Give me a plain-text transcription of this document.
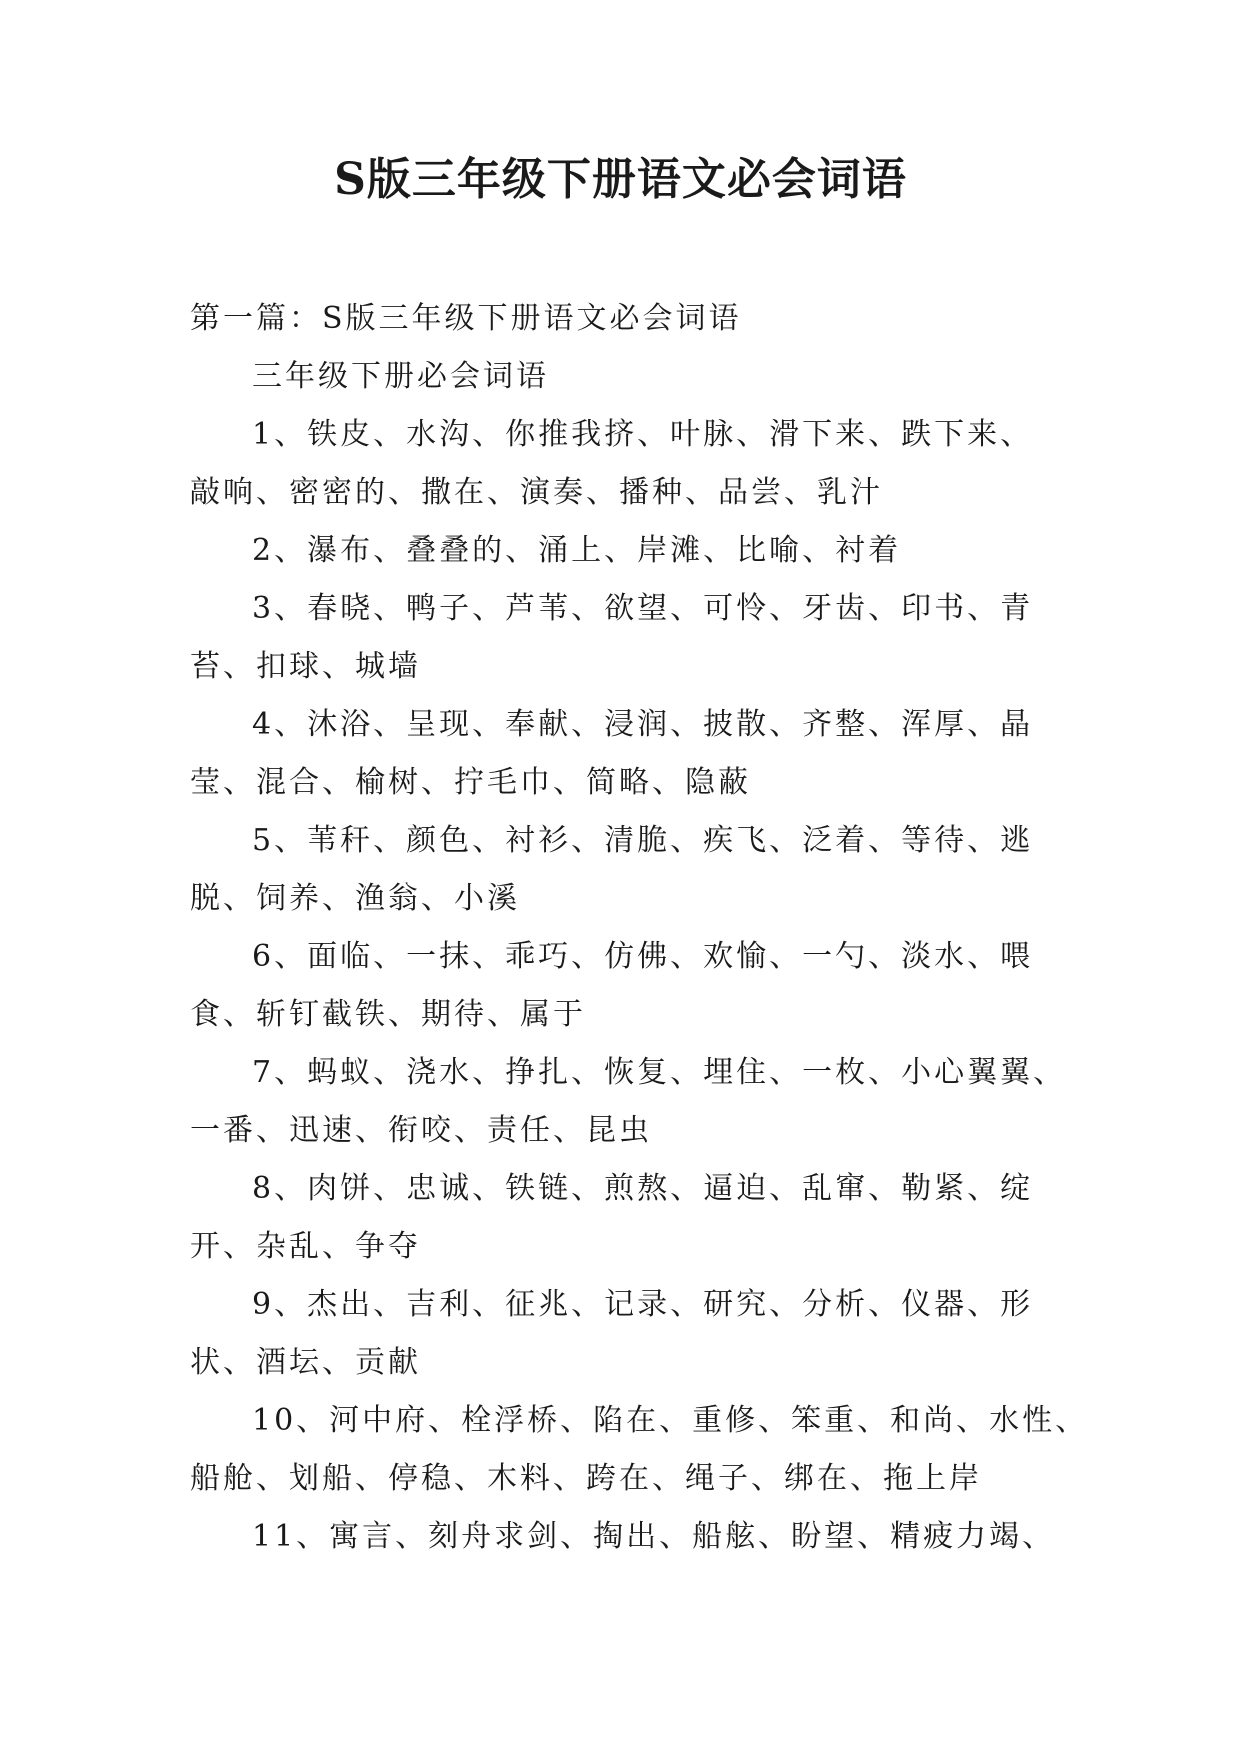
S版三年级下册语文必会词语
第一篇：S版三年级下册语文必会词语
三年级下册必会词语
1、铁皮、水沟、你推我挤、叶脉、滑下来、跌下来、
敲响、密密的、撒在、演奏、播种、品尝、乳汁
2、瀑布、叠叠的、涌上、岸滩、比喻、衬着
3、春晓、鸭子、芦苇、欲望、可怜、牙齿、印书、青
苔、扣球、城墙
4、沐浴、呈现、奉献、浸润、披散、齐整、浑厚、晶
莹、混合、榆树、拧毛巾、简略、隐蔽
5、苇秆、颜色、衬衫、清脆、疾飞、泛着、等待、逃
脱、饲养、渔翁、小溪
6、面临、一抹、乖巧、仿佛、欢愉、一勺、淡水、喂
食、斩钉截铁、期待、属于
7、蚂蚁、浇水、挣扎、恢复、埋住、一枚、小心翼翼、
一番、迅速、衔咬、责任、昆虫
8、肉饼、忠诚、铁链、煎熬、逼迫、乱窜、勒紧、绽
开、杂乱、争夺
9、杰出、吉利、征兆、记录、研究、分析、仪器、形
状、酒坛、贡献
10、河中府、栓浮桥、陷在、重修、笨重、和尚、水性、
船舱、划船、停稳、木料、跨在、绳子、绑在、拖上岸
11、寓言、刻舟求剑、掏出、船舷、盼望、精疲力竭、
